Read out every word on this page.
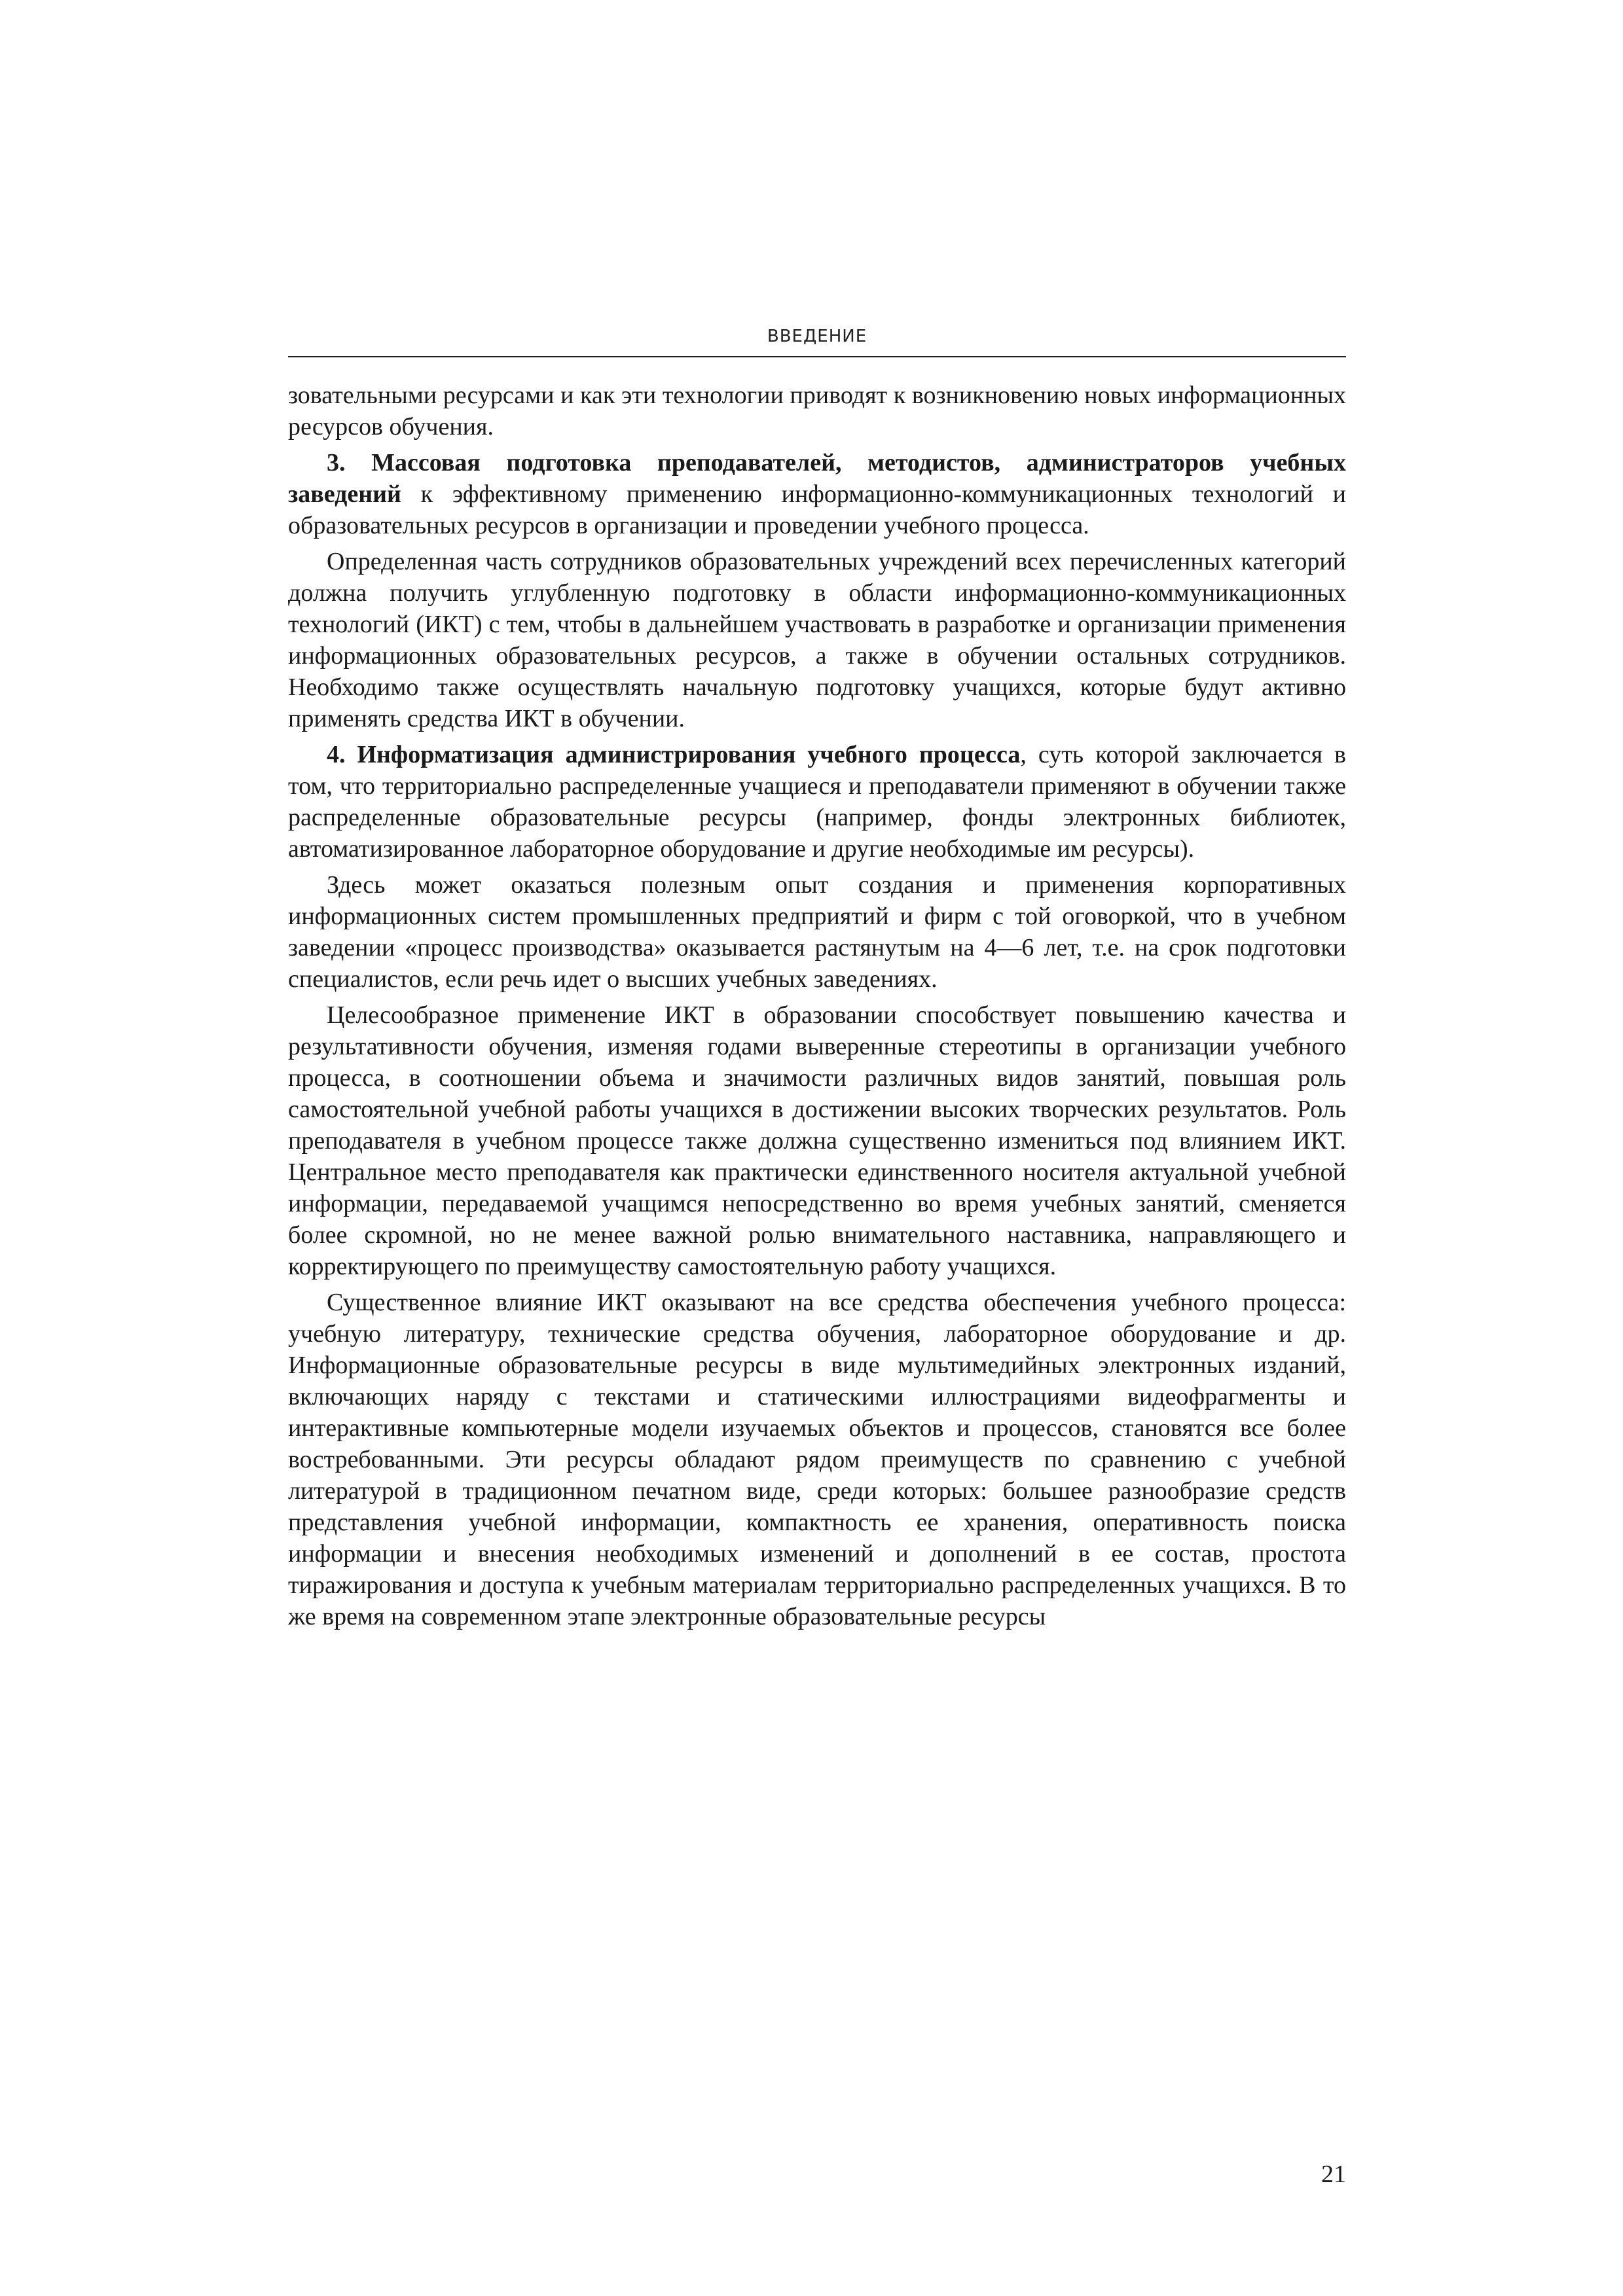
ВВЕДЕНИЕ

зовательными ресурсами и как эти технологии приводят к возникновению новых информационных ресурсов обучения.

3. Массовая подготовка преподавателей, методистов, администраторов учебных заведений к эффективному применению информационно-коммуникационных технологий и образовательных ресурсов в организации и проведении учебного процесса.

Определенная часть сотрудников образовательных учреждений всех перечисленных категорий должна получить углубленную подготовку в области информационно-коммуникационных технологий (ИКТ) с тем, чтобы в дальнейшем участвовать в разработке и организации применения информационных образовательных ресурсов, а также в обучении остальных сотрудников. Необходимо также осуществлять начальную подготовку учащихся, которые будут активно применять средства ИКТ в обучении.

4. Информатизация администрирования учебного процесса, суть которой заключается в том, что территориально распределенные учащиеся и преподаватели применяют в обучении также распределенные образовательные ресурсы (например, фонды электронных библиотек, автоматизированное лабораторное оборудование и другие необходимые им ресурсы).

Здесь может оказаться полезным опыт создания и применения корпоративных информационных систем промышленных предприятий и фирм с той оговоркой, что в учебном заведении «процесс производства» оказывается растянутым на 4—6 лет, т.е. на срок подготовки специалистов, если речь идет о высших учебных заведениях.

Целесообразное применение ИКТ в образовании способствует повышению качества и результативности обучения, изменяя годами выверенные стереотипы в организации учебного процесса, в соотношении объема и значимости различных видов занятий, повышая роль самостоятельной учебной работы учащихся в достижении высоких творческих результатов. Роль преподавателя в учебном процессе также должна существенно измениться под влиянием ИКТ. Центральное место преподавателя как практически единственного носителя актуальной учебной информации, передаваемой учащимся непосредственно во время учебных занятий, сменяется более скромной, но не менее важной ролью внимательного наставника, направляющего и корректирующего по преимуществу самостоятельную работу учащихся.

Существенное влияние ИКТ оказывают на все средства обеспечения учебного процесса: учебную литературу, технические средства обучения, лабораторное оборудование и др. Информационные образовательные ресурсы в виде мультимедийных электронных изданий, включающих наряду с текстами и статическими иллюстрациями видеофрагменты и интерактивные компьютерные модели изучаемых объектов и процессов, становятся все более востребованными. Эти ресурсы обладают рядом преимуществ по сравнению с учебной литературой в традиционном печатном виде, среди которых: большее разнообразие средств представления учебной информации, компактность ее хранения, оперативность поиска информации и внесения необходимых изменений и дополнений в ее состав, простота тиражирования и доступа к учебным материалам территориально распределенных учащихся. В то же время на современном этапе электронные образовательные ресурсы

21
